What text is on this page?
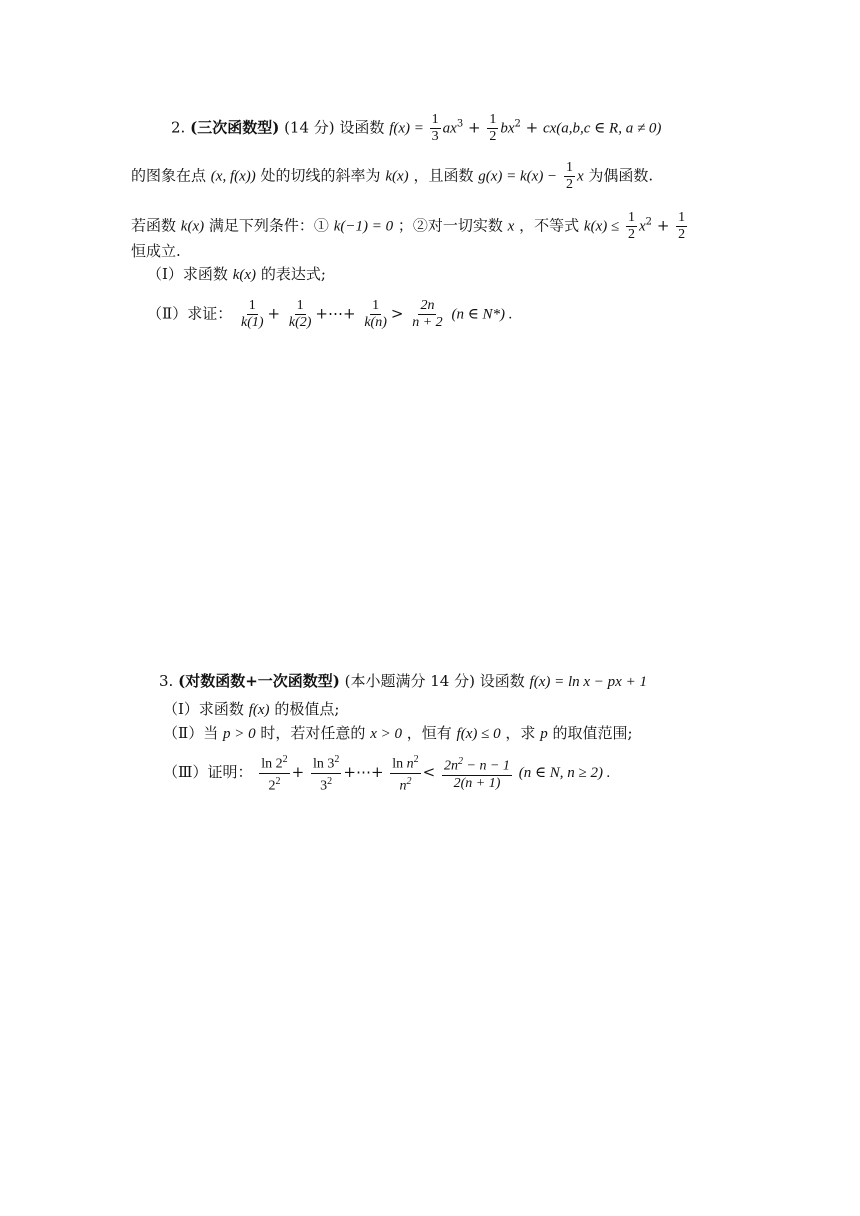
2. (三次函数型) (14 分) 设函数 $f(x) = \frac{1}{3} ax^3 + \frac{1}{2} bx^2 + cx(a,b,c$ ∈ R, a ≠ 0)
的图象在点 (x, f(x)) 处的切线的斜率为 k(x) ，且函数 $g(x) = k(x) - \frac{1}{2}$ x 为偶函数.
若函数 k(x) 满足下列条件：① k(−1) = 0 ；②对一切实数 x ，不等式 $k(x) \le \frac{1}{2} x^2 + \frac{1}{2}$
恒成立.
（Ⅰ）求函数 k(x) 的表达式;
（Ⅱ）求证： $\frac{1}{k(1)} + \frac{1}{k(2)}$ +⋯+ $\frac{1}{k(n)} > \frac{2n}{n + 2} (n$ ∈ N*) .
3. (对数函数+一次函数型) (本小题满分 14 分) 设函数 f(x) = ln x − px + 1
（Ⅰ）求函数 f(x) 的极值点;
（Ⅱ）当 p > 0 时，若对任意的 x > 0 ，恒有 f(x) ≤ 0 ，求 p 的取值范围;
（Ⅲ）证明： $\frac{\ln 2^2}{2^2} + \frac{\ln 3^2}{3^2}$ +⋯+ $\frac{\ln n^2}{n^2} < \frac{2n^2 - n - 1}{2(n + 1)} (n$ ∈ N, n ≥ 2) .
